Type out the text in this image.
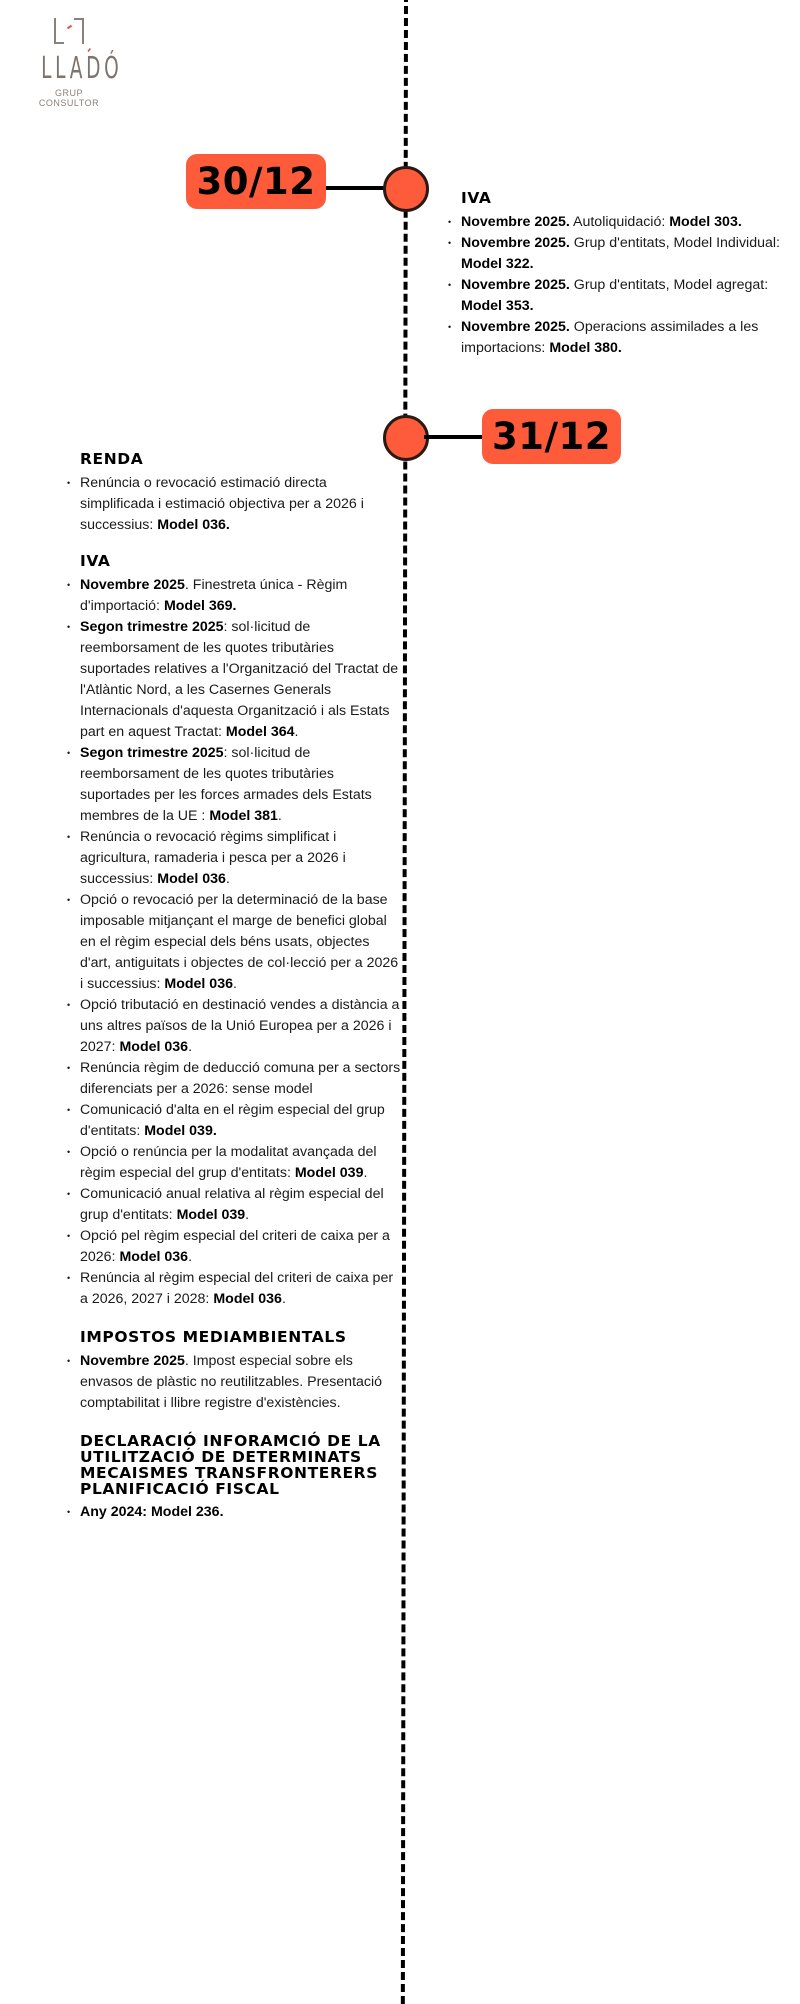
LLADÓ
GRUP CONSULTOR
30/12	IVA
• Novembre 2025. Autoliquidació: Model 303.
• Novembre 2025. Grup d'entitats, Model Individual: Model 322.
• Novembre 2025. Grup d'entitats, Model agregat: Model 353.
• Novembre 2025. Operacions assimilades a les importacions: Model 380.
31/12
RENDA
• Renúncia o revocació estimació directa simplificada i estimació objectiva per a 2026 i successius: Model 036.
IVA
• Novembre 2025. Finestreta única - Règim d'importació: Model 369.
• Segon trimestre 2025: sol·licitud de reemborsament de les quotes tributàries suportades relatives a l'Organització del Tractat de l'Atlàntic Nord, a les Casernes Generals Internacionals d'aquesta Organització i als Estats part en aquest Tractat: Model 364.
• Segon trimestre 2025: sol·licitud de reemborsament de les quotes tributàries suportades per les forces armades dels Estats membres de la UE : Model 381.
• Renúncia o revocació règims simplificat i agricultura, ramaderia i pesca per a 2026 i successius: Model 036.
• Opció o revocació per la determinació de la base imposable mitjançant el marge de benefici global en el règim especial dels béns usats, objectes d'art, antiguitats i objectes de col·lecció per a 2026 i successius: Model 036.
• Opció tributació en destinació vendes a distància a uns altres països de la Unió Europea per a 2026 i 2027: Model 036.
• Renúncia règim de deducció comuna per a sectors diferenciats per a 2026: sense model
• Comunicació d'alta en el règim especial del grup d'entitats: Model 039.
• Opció o renúncia per la modalitat avançada del règim especial del grup d'entitats: Model 039.
• Comunicació anual relativa al règim especial del grup d'entitats: Model 039.
• Opció pel règim especial del criteri de caixa per a 2026: Model 036.
• Renúncia al règim especial del criteri de caixa per a 2026, 2027 i 2028: Model 036.
IMPOSTOS MEDIAMBIENTALS
• Novembre 2025. Impost especial sobre els envasos de plàstic no reutilitzables. Presentació comptabilitat i llibre registre d'existències.
DECLARACIÓ INFORAMCIÓ DE LA UTILITZACIÓ DE DETERMINATS MECAISMES TRANSFRONTERERS PLANIFICACIÓ FISCAL
• Any 2024: Model 236.
